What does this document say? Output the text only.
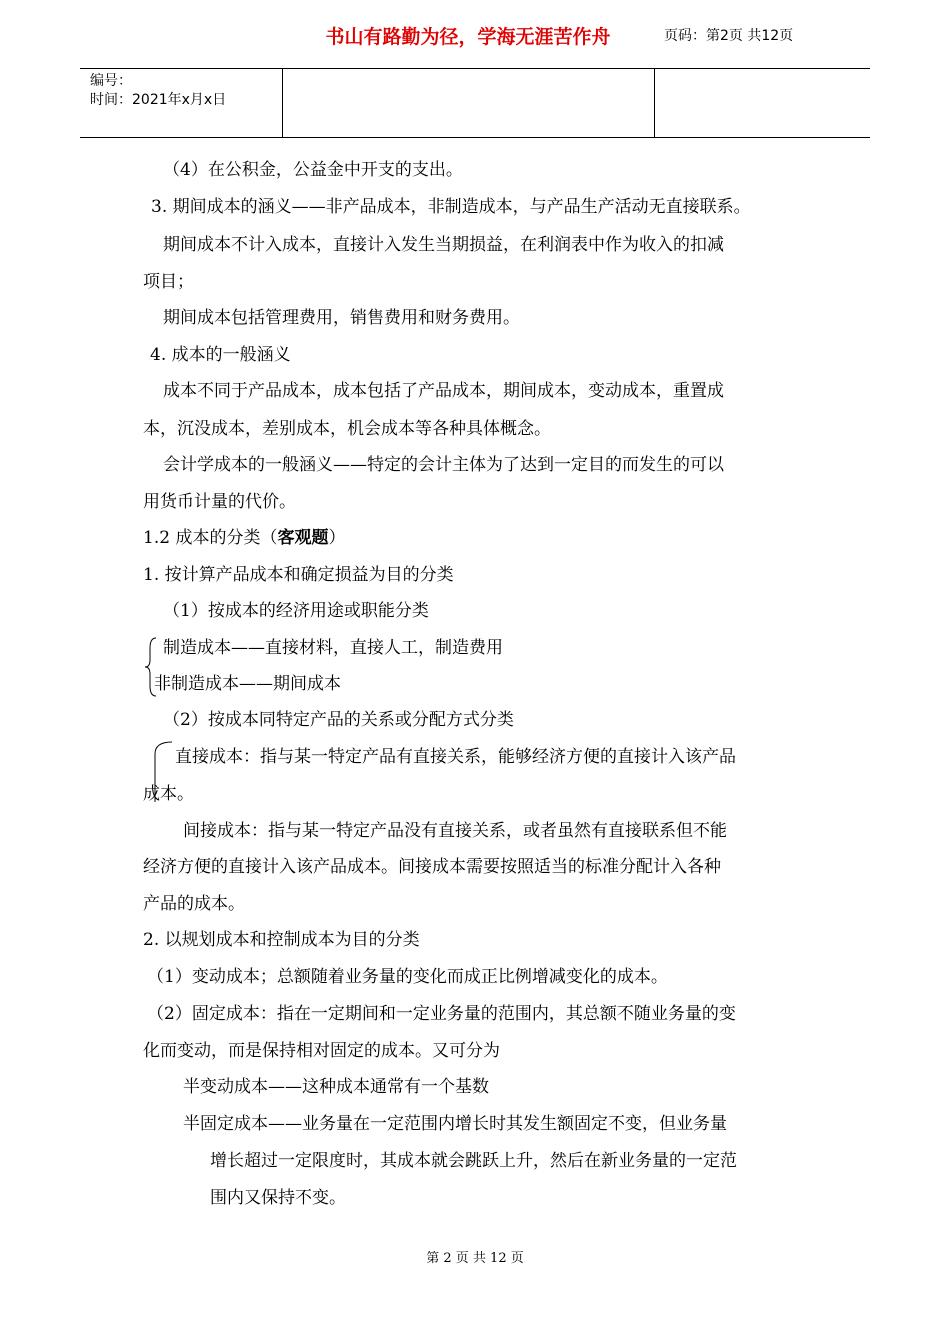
编号：
时间：2021年x月x日
书山有路勤为径，学海无涯苦作舟	页码：第2页 共12页
（4）在公积金，公益金中开支的支出。
3. 期间成本的涵义——非产品成本，非制造成本，与产品生产活动无直接联系。
期间成本不计入成本，直接计入发生当期损益，在利润表中作为收入的扣减
项目；
期间成本包括管理费用，销售费用和财务费用。
4. 成本的一般涵义
成本不同于产品成本，成本包括了产品成本，期间成本，变动成本，重置成
本，沉没成本，差别成本，机会成本等各种具体概念。
会计学成本的一般涵义——特定的会计主体为了达到一定目的而发生的可以
用货币计量的代价。
1.2 成本的分类（客观题）
1. 按计算产品成本和确定损益为目的分类
（1）按成本的经济用途或职能分类
制造成本——直接材料，直接人工，制造费用
非制造成本——期间成本
（2）按成本同特定产品的关系或分配方式分类
直接成本：指与某一特定产品有直接关系，能够经济方便的直接计入该产品
成本。
间接成本：指与某一特定产品没有直接关系，或者虽然有直接联系但不能
经济方便的直接计入该产品成本。间接成本需要按照适当的标准分配计入各种
产品的成本。
2. 以规划成本和控制成本为目的分类
（1）变动成本；总额随着业务量的变化而成正比例增减变化的成本。
（2）固定成本：指在一定期间和一定业务量的范围内，其总额不随业务量的变
化而变动，而是保持相对固定的成本。又可分为
半变动成本——这种成本通常有一个基数
半固定成本——业务量在一定范围内增长时其发生额固定不变，但业务量
增长超过一定限度时，其成本就会跳跃上升，然后在新业务量的一定范
围内又保持不变。
第 2 页 共 12 页
